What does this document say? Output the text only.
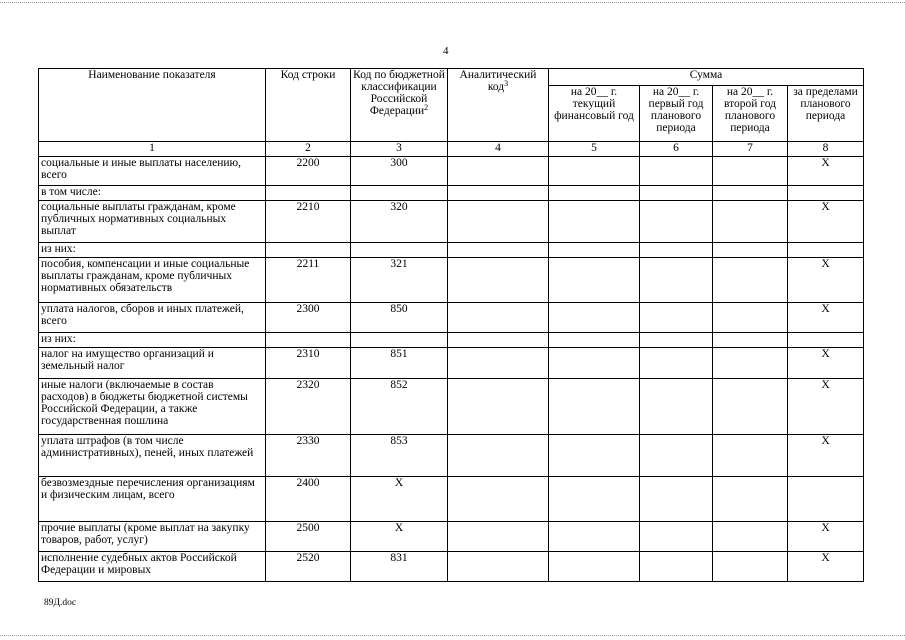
4
Наименование показателя	Код строки	Код по бюджетной классификации Российской Федерации$^2$	Аналитический код$^3$	Сумма			
				на 20__ г. текущий финансовый год	на 20__ г. первый год планового периода	на 20__ г. второй год планового периода	за пределами планового периода
1	2	3	4	5	6	7	8
социальные и иные выплаты населению, всего	2200	300					X
в том числе:							
социальные выплаты гражданам, кроме публичных нормативных социальных выплат	2210	320					X
из них:							
пособия, компенсации и иные социальные выплаты гражданам, кроме публичных нормативных обязательств	2211	321					X
уплата налогов, сборов и иных платежей, всего	2300	850					X
из них:							
налог на имущество организаций и земельный налог	2310	851					X
иные налоги (включаемые в состав расходов) в бюджеты бюджетной системы Российской Федерации, а также государственная пошлина	2320	852					X
уплата штрафов (в том числе административных), пеней, иных платежей	2330	853					X
безвозмездные перечисления организациям и физическим лицам, всего	2400	X					
прочие выплаты (кроме выплат на закупку товаров, работ, услуг)	2500	X					X
исполнение судебных актов Российской Федерации и мировых	2520	831					X
89Д.doc
